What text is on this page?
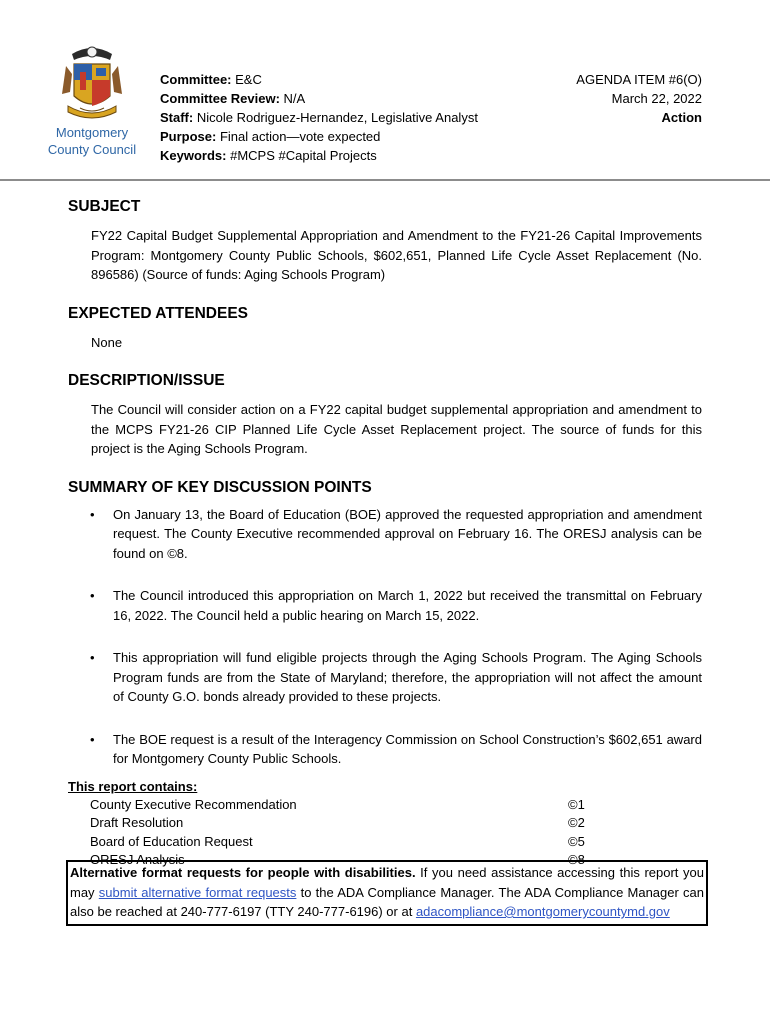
Montgomery County Council
Committee: E&C
Committee Review: N/A
Staff: Nicole Rodriguez-Hernandez, Legislative Analyst
Purpose: Final action—vote expected
Keywords: #MCPS #Capital Projects
AGENDA ITEM #6(O)
March 22, 2022
Action
SUBJECT
FY22 Capital Budget Supplemental Appropriation and Amendment to the FY21-26 Capital Improvements Program: Montgomery County Public Schools, $602,651, Planned Life Cycle Asset Replacement (No. 896586) (Source of funds: Aging Schools Program)
EXPECTED ATTENDEES
None
DESCRIPTION/ISSUE
The Council will consider action on a FY22 capital budget supplemental appropriation and amendment to the MCPS FY21-26 CIP Planned Life Cycle Asset Replacement project. The source of funds for this project is the Aging Schools Program.
SUMMARY OF KEY DISCUSSION POINTS
• On January 13, the Board of Education (BOE) approved the requested appropriation and amendment request. The County Executive recommended approval on February 16. The ORESJ analysis can be found on ©8.
• The Council introduced this appropriation on March 1, 2022 but received the transmittal on February 16, 2022. The Council held a public hearing on March 15, 2022.
• This appropriation will fund eligible projects through the Aging Schools Program. The Aging Schools Program funds are from the State of Maryland; therefore, the appropriation will not affect the amount of County G.O. bonds already provided to these projects.
• The BOE request is a result of the Interagency Commission on School Construction’s $602,651 award for Montgomery County Public Schools.
This report contains:
County Executive Recommendation	©1
Draft Resolution	©2
Board of Education Request	©5
ORESJ Analysis	©8
Alternative format requests for people with disabilities. If you need assistance accessing this report you may submit alternative format requests to the ADA Compliance Manager. The ADA Compliance Manager can also be reached at 240-777-6197 (TTY 240-777-6196) or at adacompliance@montgomerycountymd.gov
